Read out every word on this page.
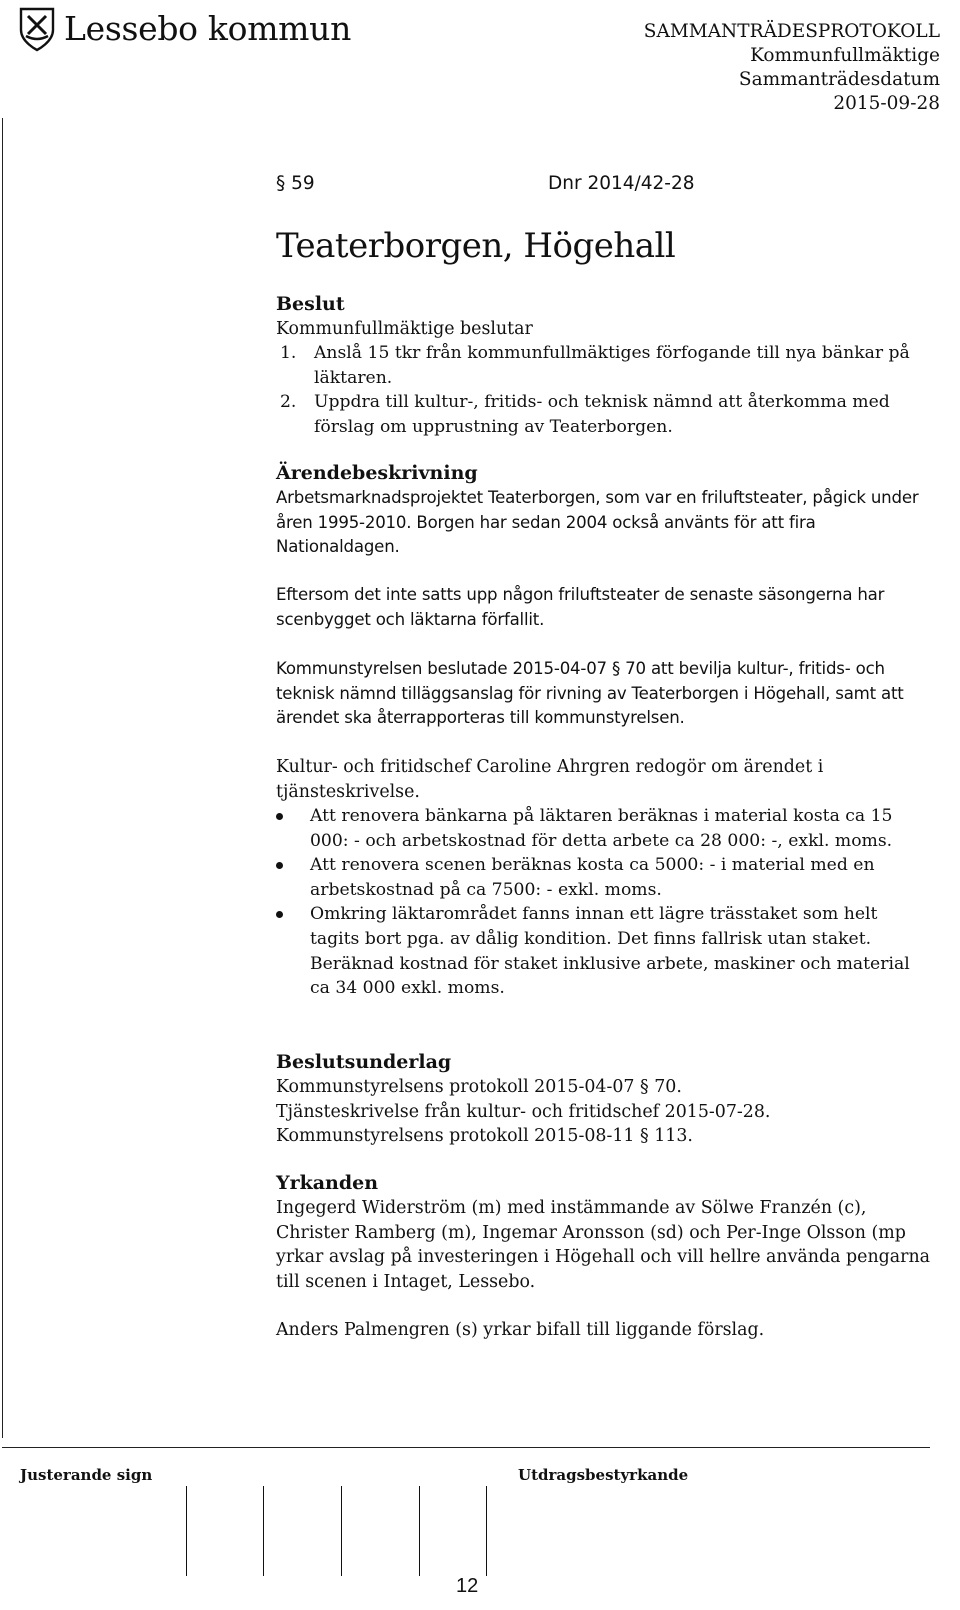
Lessebo kommun	SAMMANTRÄDESPROTOKOLL
Kommunfullmäktige
Sammanträdesdatum
2015-09-28
§ 59	Dnr 2014/42-28
Teaterborgen, Högehall
Beslut
Kommunfullmäktige beslutar
1. Anslå 15 tkr från kommunfullmäktiges förfogande till nya bänkar på läktaren.
2. Uppdra till kultur-, fritids- och teknisk nämnd att återkomma med förslag om upprustning av Teaterborgen.
Ärendebeskrivning
Arbetsmarknadsprojektet Teaterborgen, som var en friluftsteater, pågick under åren 1995-2010. Borgen har sedan 2004 också använts för att fira Nationaldagen.
Eftersom det inte satts upp någon friluftsteater de senaste säsongerna har scenbygget och läktarna förfallit.
Kommunstyrelsen beslutade 2015-04-07 § 70 att bevilja kultur-, fritids- och teknisk nämnd tilläggsanslag för rivning av Teaterborgen i Högehall, samt att ärendet ska återrapporteras till kommunstyrelsen.
Kultur- och fritidschef Caroline Ahrgren redogör om ärendet i tjänsteskrivelse.
Att renovera bänkarna på läktaren beräknas i material kosta ca 15 000: - och arbetskostnad för detta arbete ca 28 000: -, exkl. moms.
Att renovera scenen beräknas kosta ca 5000: - i material med en arbetskostnad på ca 7500: - exkl. moms.
Omkring läktarområdet fanns innan ett lägre trässtaket som helt tagits bort pga. av dålig kondition. Det finns fallrisk utan staket. Beräknad kostnad för staket inklusive arbete, maskiner och material ca 34 000 exkl. moms.
Beslutsunderlag
Kommunstyrelsens protokoll 2015-04-07 § 70.
Tjänsteskrivelse från kultur- och fritidschef 2015-07-28.
Kommunstyrelsens protokoll 2015-08-11 § 113.
Yrkanden
Ingegerd Widerström (m) med instämmande av Sölwe Franzén (c), Christer Ramberg (m), Ingemar Aronsson (sd) och Per-Inge Olsson (mp yrkar avslag på investeringen i Högehall och vill hellre använda pengarna till scenen i Intaget, Lessebo.
Anders Palmengren (s) yrkar bifall till liggande förslag.
Justerande sign	Utdragsbestyrkande
12
